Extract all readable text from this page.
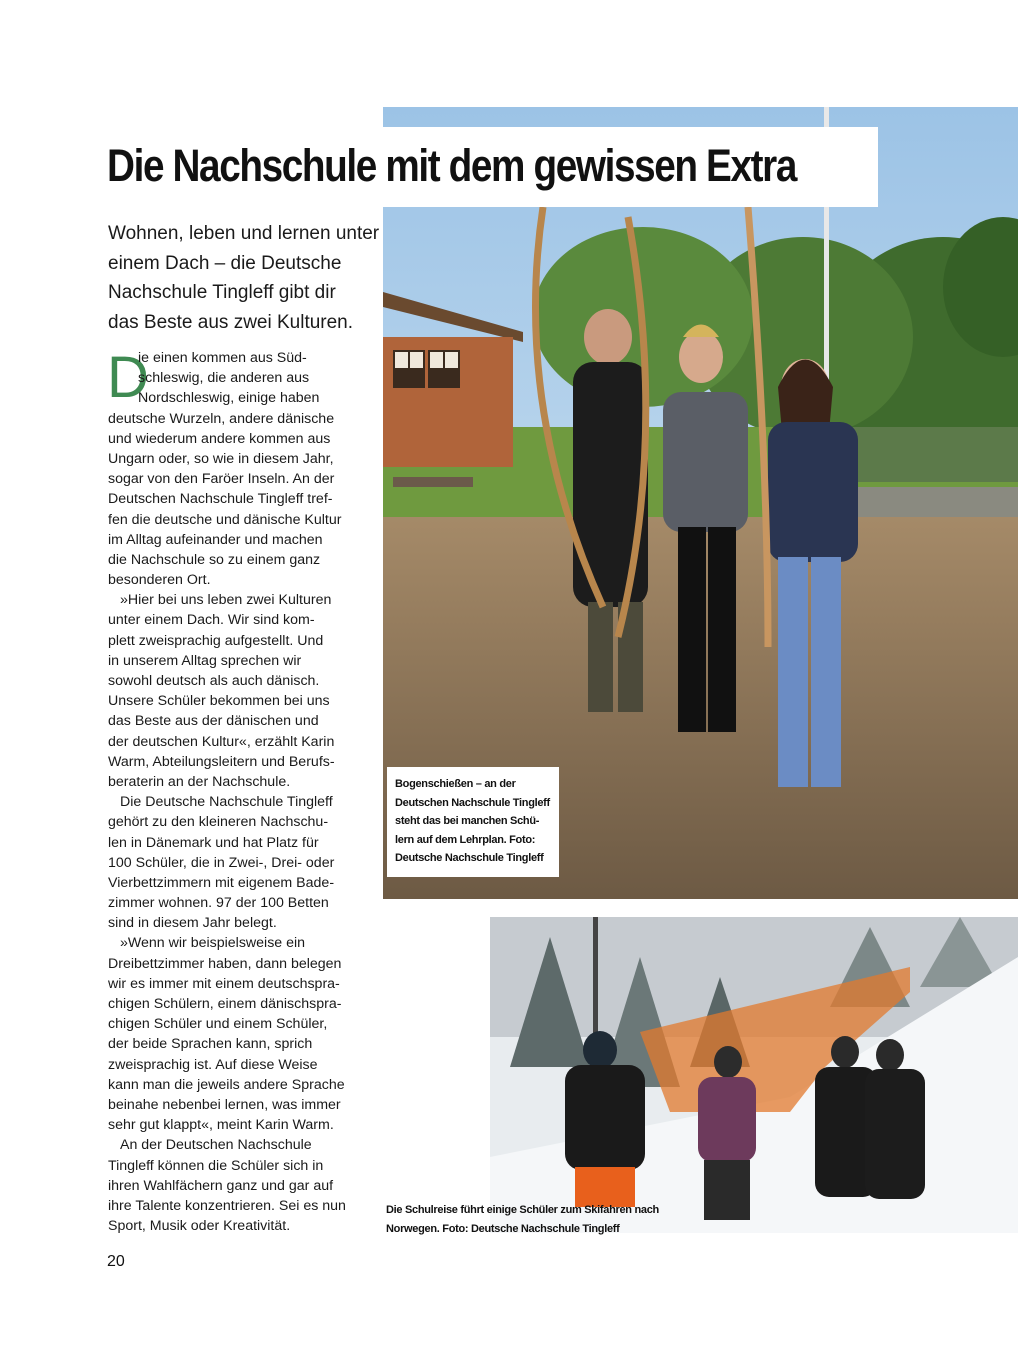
Die Nachschule mit dem gewissen Extra

Wohnen, leben und lernen unter
einem Dach – die Deutsche
Nachschule Tingleff gibt dir
das Beste aus zwei Kulturen.

D
ie einen kommen aus Süd-
schleswig, die anderen aus
Nordschleswig, einige haben
deutsche Wurzeln, andere dänische
und wiederum andere kommen aus
Ungarn oder, so wie in diesem Jahr,
sogar von den Faröer Inseln. An der
Deutschen Nachschule Tingleff tref-
fen die deutsche und dänische Kultur
im Alltag aufeinander und machen
die Nachschule so zu einem ganz
besonderen Ort.
»Hier bei uns leben zwei Kulturen
unter einem Dach. Wir sind kom-
plett zweisprachig aufgestellt. Und
in unserem Alltag sprechen wir
sowohl deutsch als auch dänisch.
Unsere Schüler bekommen bei uns
das Beste aus der dänischen und
der deutschen Kultur«, erzählt Karin
Warm, Abteilungsleitern und Berufs-
beraterin an der Nachschule.
Die Deutsche Nachschule Tingleff
gehört zu den kleineren Nachschu-
len in Dänemark und hat Platz für
100 Schüler, die in Zwei-, Drei- oder
Vierbettzimmern mit eigenem Bade-
zimmer wohnen. 97 der 100 Betten
sind in diesem Jahr belegt.
»Wenn wir beispielsweise ein
Dreibettzimmer haben, dann belegen
wir es immer mit einem deutschspra-
chigen Schülern, einem dänischspra-
chigen Schüler und einem Schüler,
der beide Sprachen kann, sprich
zweisprachig ist. Auf diese Weise
kann man die jeweils andere Sprache
beinahe nebenbei lernen, was immer
sehr gut klappt«, meint Karin Warm.
An der Deutschen Nachschule
Tingleff können die Schüler sich in
ihren Wahlfächern ganz und gar auf
ihre Talente konzentrieren. Sei es nun
Sport, Musik oder Kreativität.
Bogenschießen – an der
Deutschen Nachschule Tingleff
steht das bei manchen Schü-
lern auf dem Lehrplan. Foto:
Deutsche Nachschule Tingleff
Die Schulreise führt einige Schüler zum Skifahren nach
Norwegen. Foto: Deutsche Nachschule Tingleff
20
